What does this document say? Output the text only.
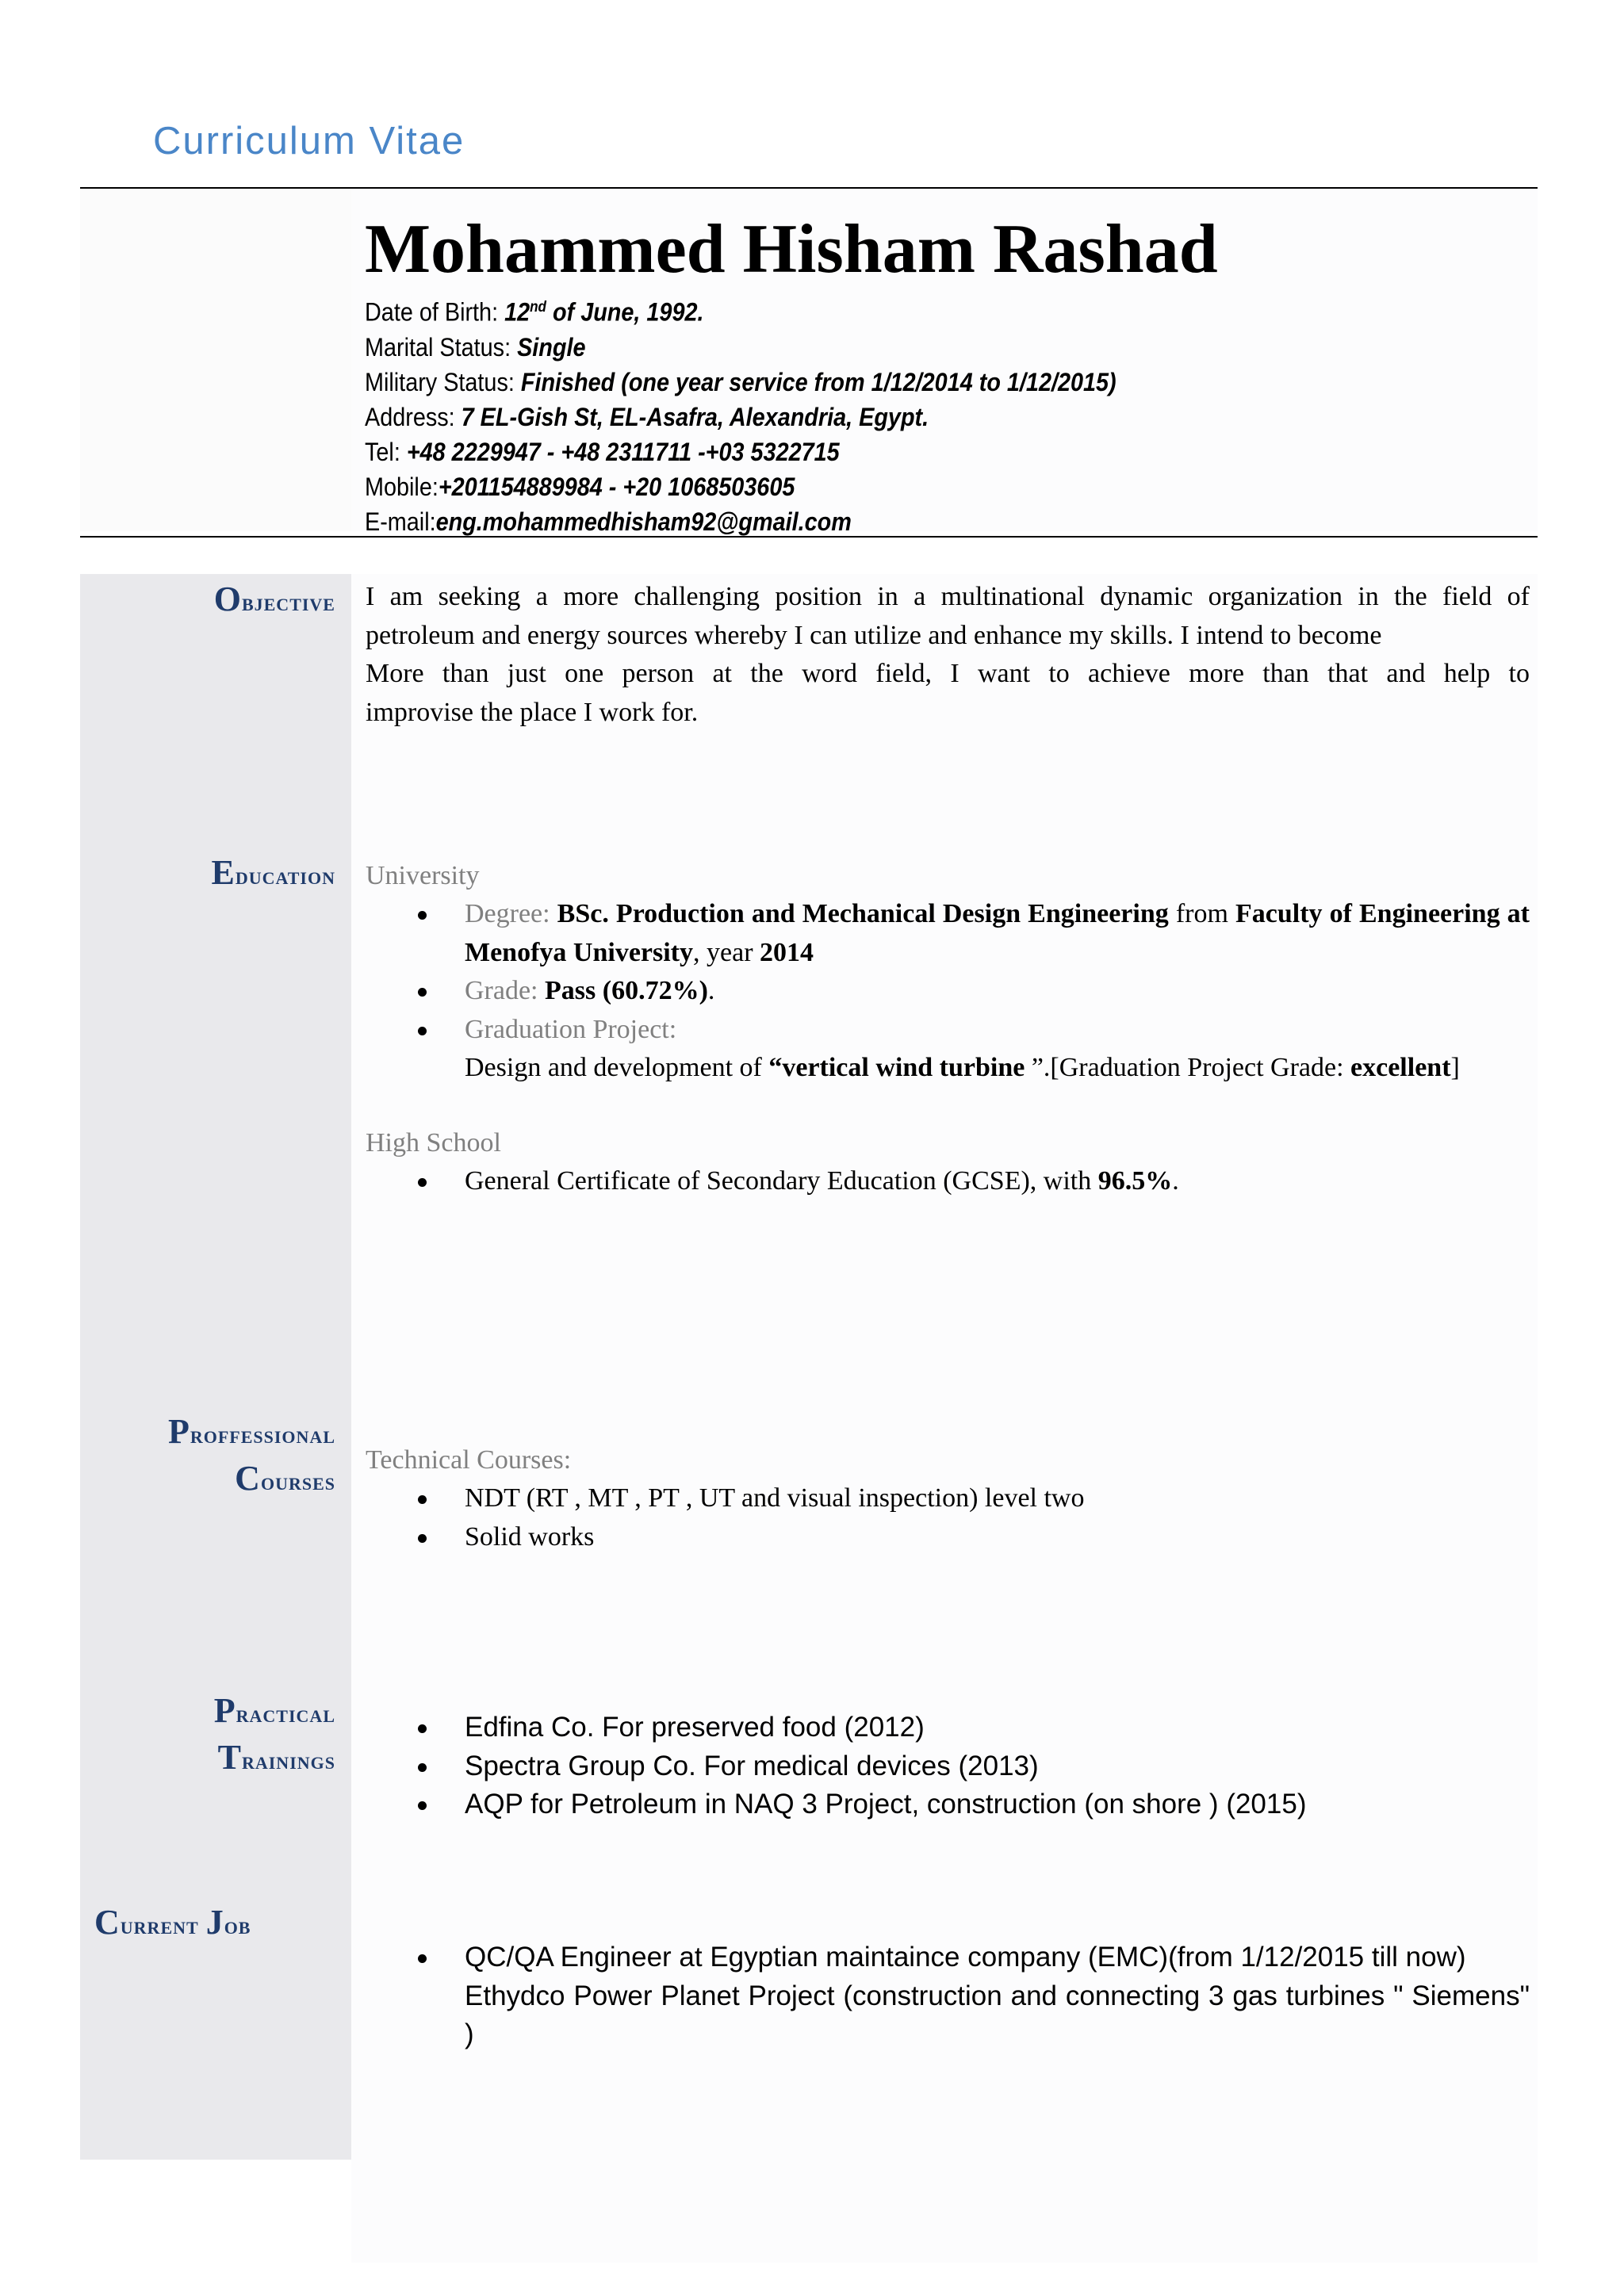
Curriculum Vitae
Mohammed Hisham Rashad
Date of Birth: 12nd of June, 1992.
Marital Status: Single
Military Status: Finished (one year service from 1/12/2014 to 1/12/2015)
Address: 7 EL-Gish St, EL-Asafra, Alexandria, Egypt.
Tel: +48 2229947 - +48 2311711 -+03 5322715
Mobile:+201154889984 - +20 1068503605
E-mail:eng.mohammedhisham92@gmail.com
Objective I am seeking a more challenging position in a multinational dynamic organization in the field of
petroleum and energy sources whereby I can utilize and enhance my skills. I intend to become
More than just one person at the word field, I want to achieve more than that and help to
improvise the place I work for.
Education University
Degree: BSc. Production and Mechanical Design Engineering from Faculty of Engineering at Menofya University, year 2014
Grade: Pass (60.72%).
Graduation Project:
Design and development of “vertical wind turbine ”.[Graduation Project Grade: excellent]
High School
General Certificate of Secondary Education (GCSE), with 96.5%.
Proffessional
Courses
Technical Courses:
NDT (RT , MT , PT , UT and visual inspection) level two
Solid works
Practical
Trainings
Edfina Co. For preserved food (2012)
Spectra Group Co. For medical devices (2013)
AQP for Petroleum in NAQ 3 Project, construction (on shore ) (2015)
Current Job
QC/QA Engineer at Egyptian maintaince company (EMC)(from 1/12/2015 till now)
Ethydco Power Planet Project (construction and connecting 3 gas turbines " Siemens" )
